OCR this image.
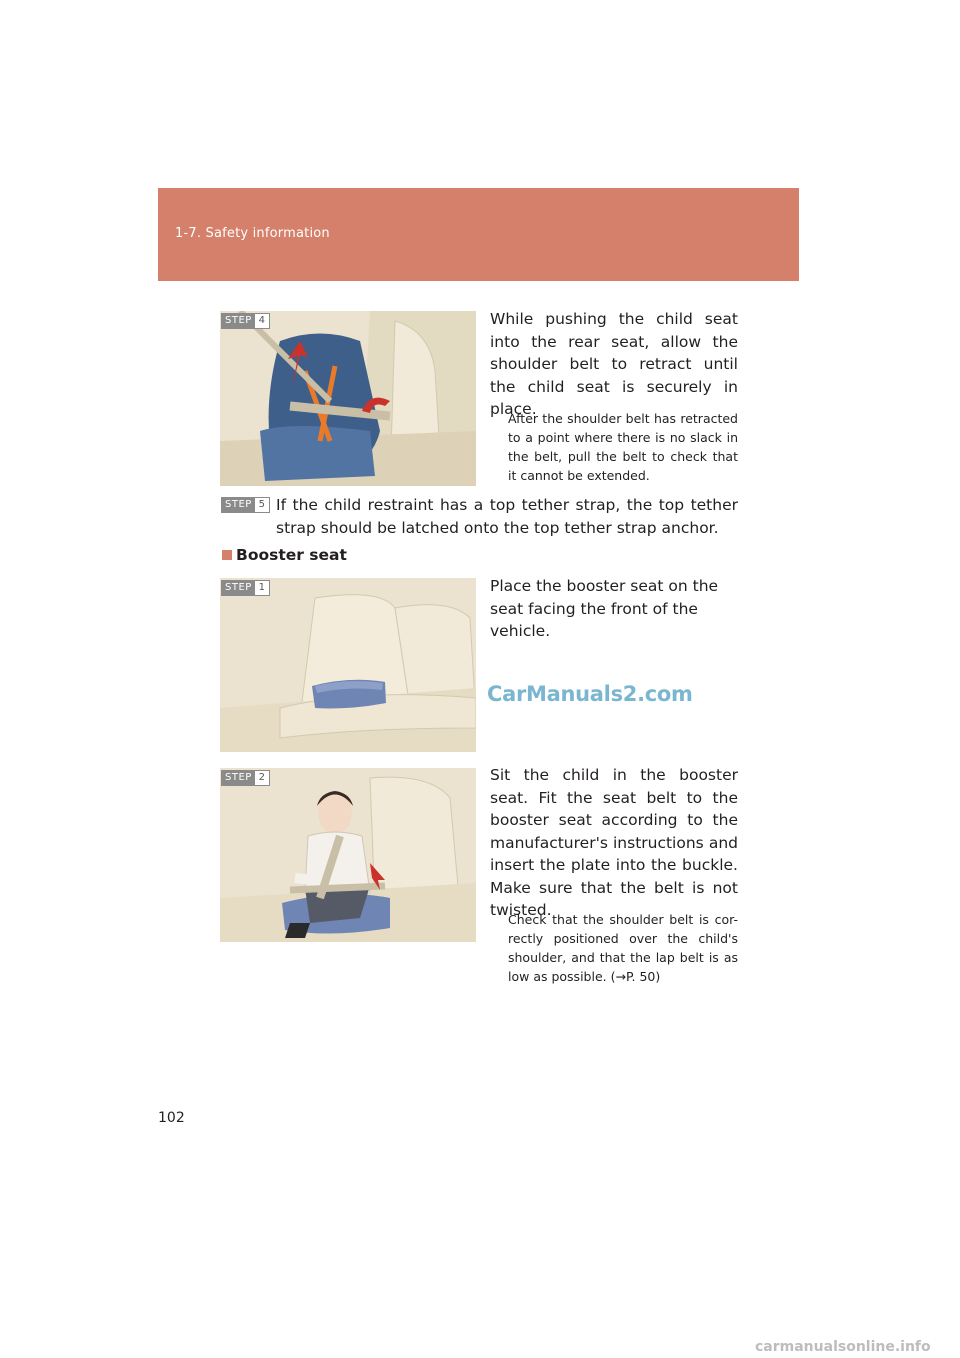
1-7. Safety information
STEP 4	While pushing the child seat into the rear seat, allow the shoulder belt to retract until the child seat is securely in place.
After the shoulder belt has retracted to a point where there is no slack in the belt, pull the belt to check that it cannot be extended.
STEP 5 If the child restraint has a top tether strap, the top tether strap should be latched onto the top tether strap anchor.
Booster seat
STEP 1	Place the booster seat on the seat facing the front of the vehicle.
CarManuals2.com
STEP 2	Sit the child in the booster seat. Fit the seat belt to the booster seat according to the manufacturer's instructions and insert the plate into the buckle. Make sure that the belt is not twisted.
Check that the shoulder belt is cor- rectly positioned over the child's shoulder, and that the lap belt is as low as possible. (→P. 50)
102
carmanualsonline.info
